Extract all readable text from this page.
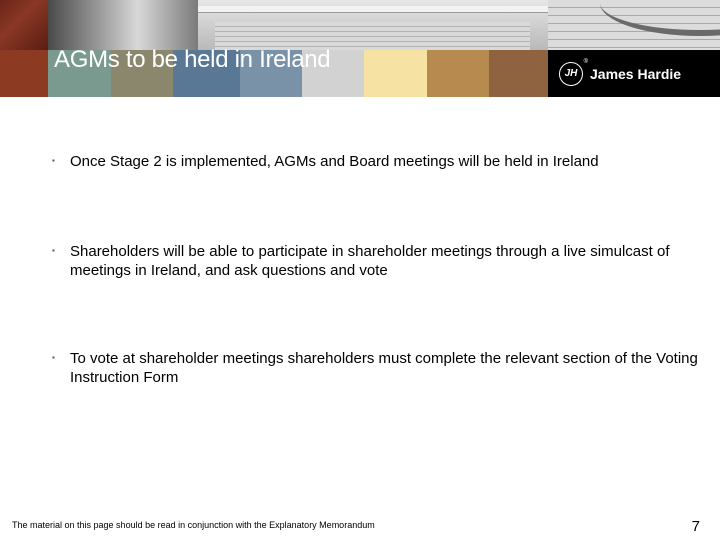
AGMs to be held in Ireland
JH
®
James Hardie
▪	Once Stage 2 is implemented, AGMs and Board meetings will be held in Ireland
▪	Shareholders will be able to participate in shareholder meetings through a live simulcast of meetings in Ireland, and ask questions and vote
▪	To vote at shareholder meetings shareholders must complete the relevant section of the Voting Instruction Form
The material on this page should be read in conjunction with the Explanatory Memorandum	7
